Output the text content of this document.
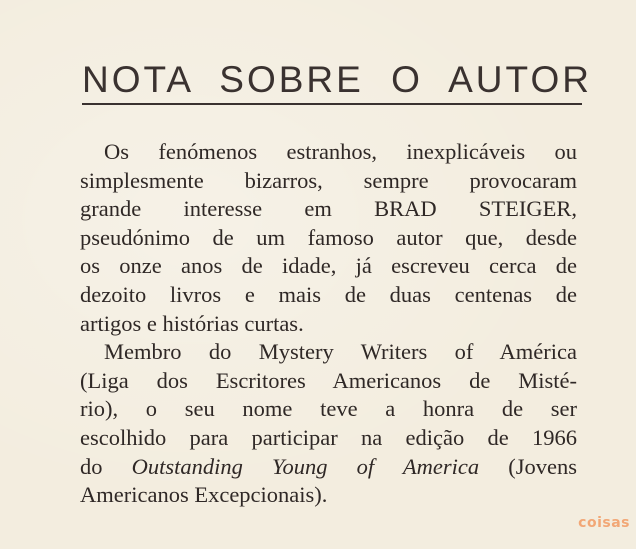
NOTA SOBRE O AUTOR
Os fenómenos estranhos, inexplicáveis ou
simplesmente bizarros, sempre provocaram
grande interesse em BRAD STEIGER,
pseudónimo de um famoso autor que, desde
os onze anos de idade, já escreveu cerca de
dezoito livros e mais de duas centenas de
artigos e histórias curtas.
Membro do Mystery Writers of América
(Liga dos Escritores Americanos de Misté-
rio), o seu nome teve a honra de ser
escolhido para participar na edição de 1966
do Outstanding Young of America (Jovens
Americanos Excepcionais).
coisas
